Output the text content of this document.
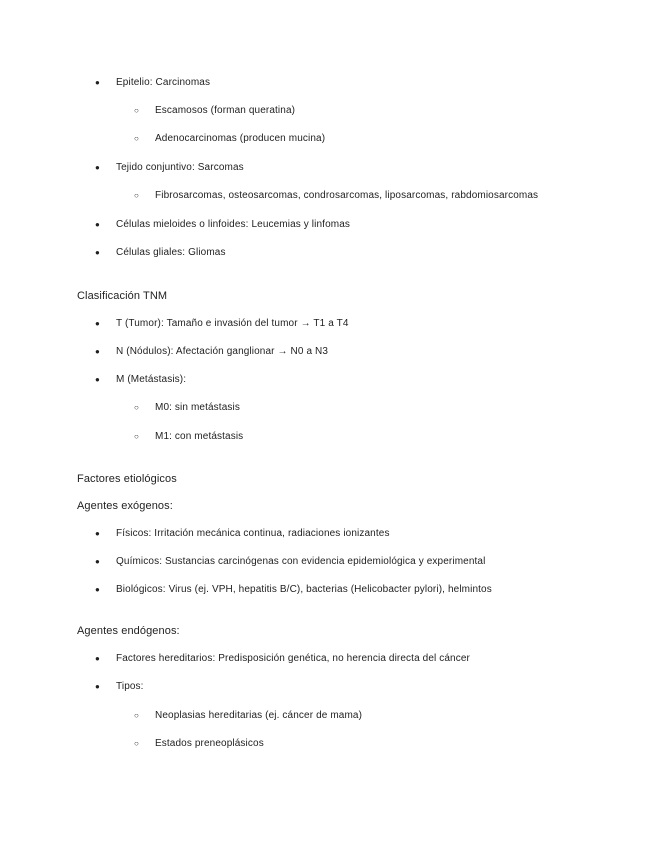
● Epitelio: Carcinomas
○ Escamosos (forman queratina)
○ Adenocarcinomas (producen mucina)
● Tejido conjuntivo: Sarcomas
○ Fibrosarcomas, osteosarcomas, condrosarcomas, liposarcomas, rabdomiosarcomas
● Células mieloides o linfoides: Leucemias y linfomas
● Células gliales: Gliomas
Clasificación TNM
● T (Tumor): Tamaño e invasión del tumor → T1 a T4
● N (Nódulos): Afectación ganglionar → N0 a N3
● M (Metástasis):
○ M0: sin metástasis
○ M1: con metástasis
Factores etiológicos
Agentes exógenos:
● Físicos: Irritación mecánica continua, radiaciones ionizantes
● Químicos: Sustancias carcinógenas con evidencia epidemiológica y experimental
● Biológicos: Virus (ej. VPH, hepatitis B/C), bacterias (Helicobacter pylori), helmintos
Agentes endógenos:
● Factores hereditarios: Predisposición genética, no herencia directa del cáncer
● Tipos:
○ Neoplasias hereditarias (ej. cáncer de mama)
○ Estados preneoplásicos
